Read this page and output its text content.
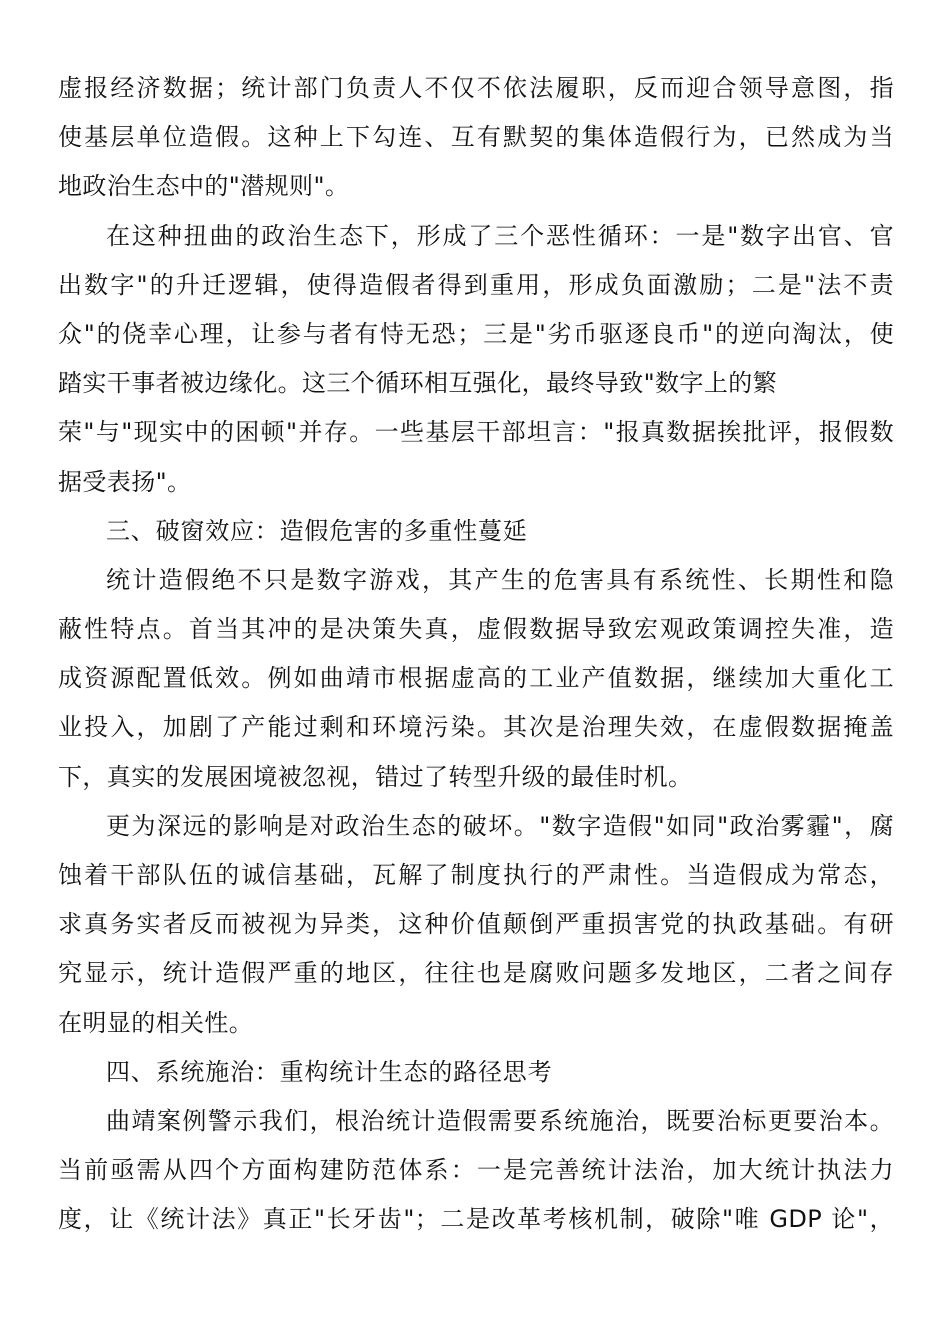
虚报经济数据；统计部门负责人不仅不依法履职，反而迎合领导意图，指
使基层单位造假。这种上下勾连、互有默契的集体造假行为，已然成为当
地政治生态中的"潜规则"。
在这种扭曲的政治生态下，形成了三个恶性循环：一是"数字出官、官
出数字"的升迁逻辑，使得造假者得到重用，形成负面激励；二是"法不责
众"的侥幸心理，让参与者有恃无恐；三是"劣币驱逐良币"的逆向淘汰，使
踏实干事者被边缘化。这三个循环相互强化，最终导致"数字上的繁
荣"与"现实中的困顿"并存。一些基层干部坦言："报真数据挨批评，报假数
据受表扬"。
三、破窗效应：造假危害的多重性蔓延
统计造假绝不只是数字游戏，其产生的危害具有系统性、长期性和隐
蔽性特点。首当其冲的是决策失真，虚假数据导致宏观政策调控失准，造
成资源配置低效。例如曲靖市根据虚高的工业产值数据，继续加大重化工
业投入，加剧了产能过剩和环境污染。其次是治理失效，在虚假数据掩盖
下，真实的发展困境被忽视，错过了转型升级的最佳时机。
更为深远的影响是对政治生态的破坏。"数字造假"如同"政治雾霾"，腐
蚀着干部队伍的诚信基础，瓦解了制度执行的严肃性。当造假成为常态，
求真务实者反而被视为异类，这种价值颠倒严重损害党的执政基础。有研
究显示，统计造假严重的地区，往往也是腐败问题多发地区，二者之间存
在明显的相关性。
四、系统施治：重构统计生态的路径思考
曲靖案例警示我们，根治统计造假需要系统施治，既要治标更要治本。
当前亟需从四个方面构建防范体系：一是完善统计法治，加大统计执法力
度，让《统计法》真正"长牙齿"；二是改革考核机制，破除"唯 GDP 论"，
